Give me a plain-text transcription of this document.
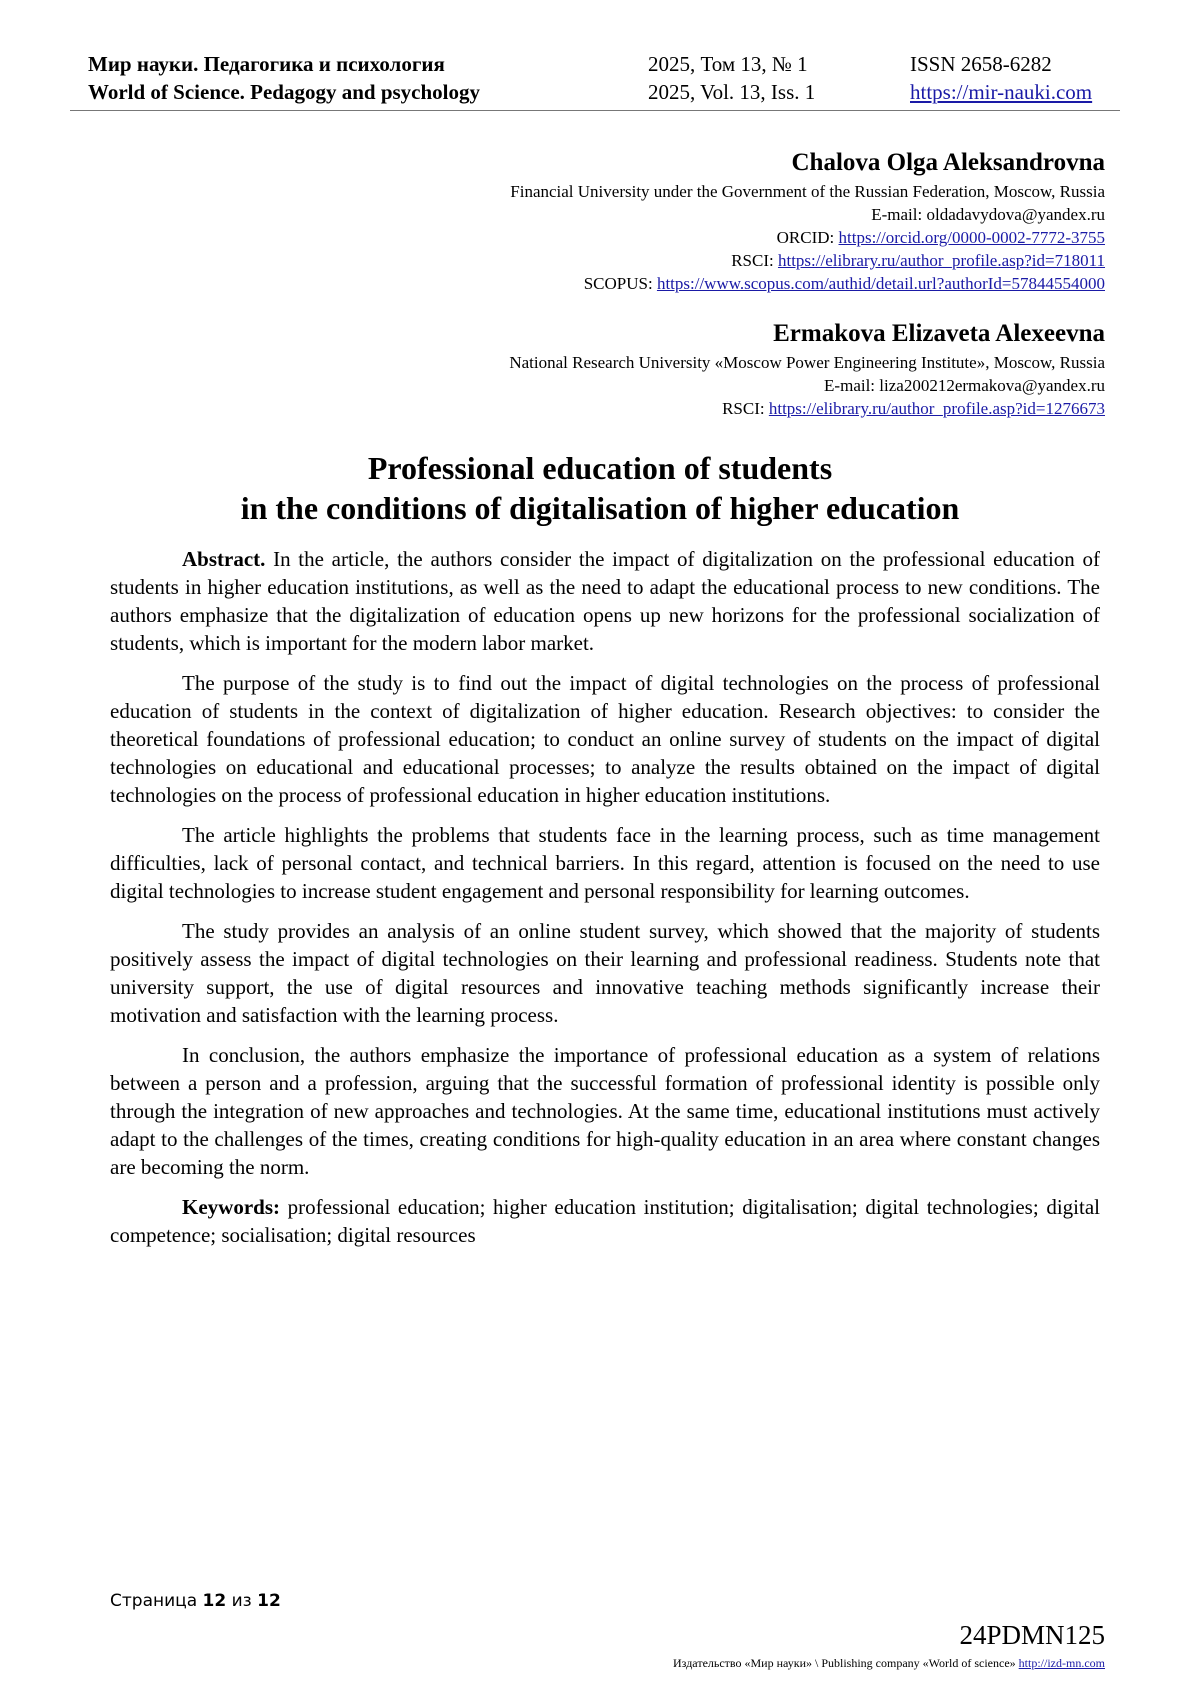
Мир науки. Педагогика и психология	2025, Том 13, № 1	ISSN 2658-6282
World of Science. Pedagogy and psychology	2025, Vol. 13, Iss. 1	https://mir-nauki.com
Chalova Olga Aleksandrovna
Financial University under the Government of the Russian Federation, Moscow, Russia
E-mail: oldadavydova@yandex.ru
ORCID: https://orcid.org/0000-0002-7772-3755
RSCI: https://elibrary.ru/author_profile.asp?id=718011
SCOPUS: https://www.scopus.com/authid/detail.url?authorId=57844554000
Ermakova Elizaveta Alexeevna
National Research University «Moscow Power Engineering Institute», Moscow, Russia
E-mail: liza200212ermakova@yandex.ru
RSCI: https://elibrary.ru/author_profile.asp?id=1276673
Professional education of students
in the conditions of digitalisation of higher education

Abstract. In the article, the authors consider the impact of digitalization on the professional education of students in higher education institutions, as well as the need to adapt the educational process to new conditions. The authors emphasize that the digitalization of education opens up new horizons for the professional socialization of students, which is important for the modern labor market.

The purpose of the study is to find out the impact of digital technologies on the process of professional education of students in the context of digitalization of higher education. Research objectives: to consider the theoretical foundations of professional education; to conduct an online survey of students on the impact of digital technologies on educational and educational processes; to analyze the results obtained on the impact of digital technologies on the process of professional education in higher education institutions.

The article highlights the problems that students face in the learning process, such as time management difficulties, lack of personal contact, and technical barriers. In this regard, attention is focused on the need to use digital technologies to increase student engagement and personal responsibility for learning outcomes.

The study provides an analysis of an online student survey, which showed that the majority of students positively assess the impact of digital technologies on their learning and professional readiness. Students note that university support, the use of digital resources and innovative teaching methods significantly increase their motivation and satisfaction with the learning process.

In conclusion, the authors emphasize the importance of professional education as a system of relations between a person and a profession, arguing that the successful formation of professional identity is possible only through the integration of new approaches and technologies. At the same time, educational institutions must actively adapt to the challenges of the times, creating conditions for high-quality education in an area where constant changes are becoming the norm.

Keywords: professional education; higher education institution; digitalisation; digital technologies; digital competence; socialisation; digital resources

Страница 12 из 12
24PDMN125
Издательство «Мир науки» \ Publishing company «World of science» http://izd-mn.com
